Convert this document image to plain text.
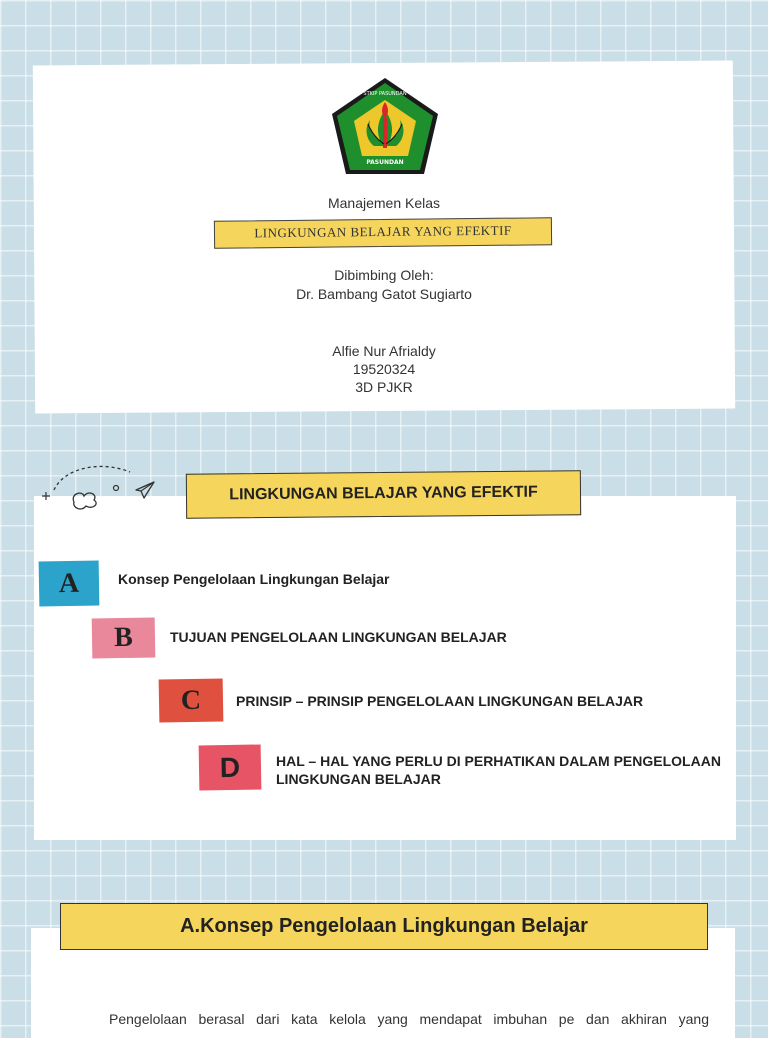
PASUNDAN
STKIP PASUNDAN
Manajemen Kelas
LINGKUNGAN BELAJAR YANG EFEKTIF
Dibimbing Oleh:
Dr. Bambang Gatot Sugiarto
Alfie Nur Afrialdy
19520324
3D PJKR
LINGKUNGAN BELAJAR YANG EFEKTIF
A	Konsep Pengelolaan Lingkungan Belajar
B	TUJUAN PENGELOLAAN LINGKUNGAN BELAJAR
C	PRINSIP – PRINSIP PENGELOLAAN LINGKUNGAN BELAJAR
D	HAL – HAL YANG PERLU DI PERHATIKAN DALAM PENGELOLAAN LINGKUNGAN BELAJAR
A.Konsep Pengelolaan Lingkungan Belajar
Pengelolaan berasal dari kata kelola yang mendapat imbuhan pe dan akhiran yang
